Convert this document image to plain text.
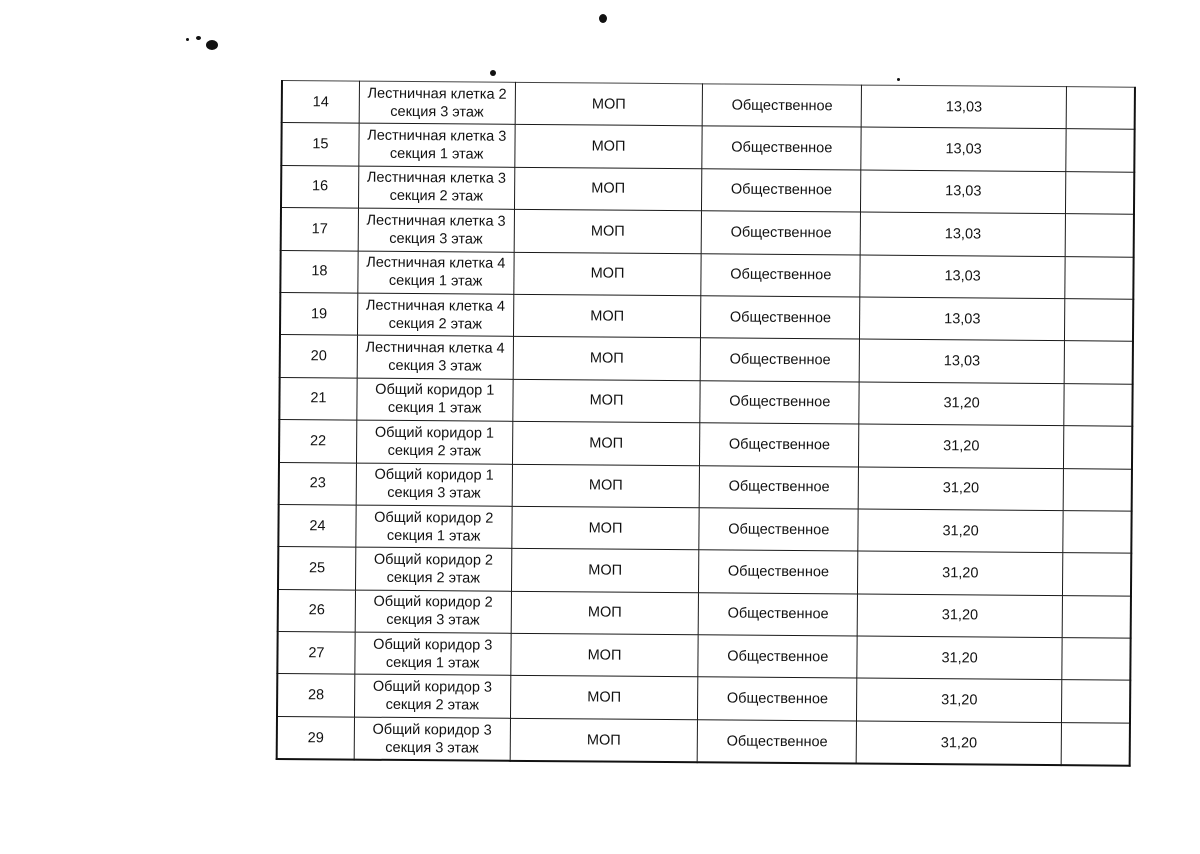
14	Лестничная клетка 2
секция 3 этаж	МОП	Общественное	13,03	
15	Лестничная клетка 3
секция 1 этаж	МОП	Общественное	13,03	
16	Лестничная клетка 3
секция 2 этаж	МОП	Общественное	13,03	
17	Лестничная клетка 3
секция 3 этаж	МОП	Общественное	13,03	
18	Лестничная клетка 4
секция 1 этаж	МОП	Общественное	13,03	
19	Лестничная клетка 4
секция 2 этаж	МОП	Общественное	13,03	
20	Лестничная клетка 4
секция 3 этаж	МОП	Общественное	13,03	
21	Общий коридор 1
секция 1 этаж	МОП	Общественное	31,20	
22	Общий коридор 1
секция 2 этаж	МОП	Общественное	31,20	
23	Общий коридор 1
секция 3 этаж	МОП	Общественное	31,20	
24	Общий коридор 2
секция 1 этаж	МОП	Общественное	31,20	
25	Общий коридор 2
секция 2 этаж	МОП	Общественное	31,20	
26	Общий коридор 2
секция 3 этаж	МОП	Общественное	31,20	
27	Общий коридор 3
секция 1 этаж	МОП	Общественное	31,20	
28	Общий коридор 3
секция 2 этаж	МОП	Общественное	31,20	
29	Общий коридор 3
секция 3 этаж	МОП	Общественное	31,20	
